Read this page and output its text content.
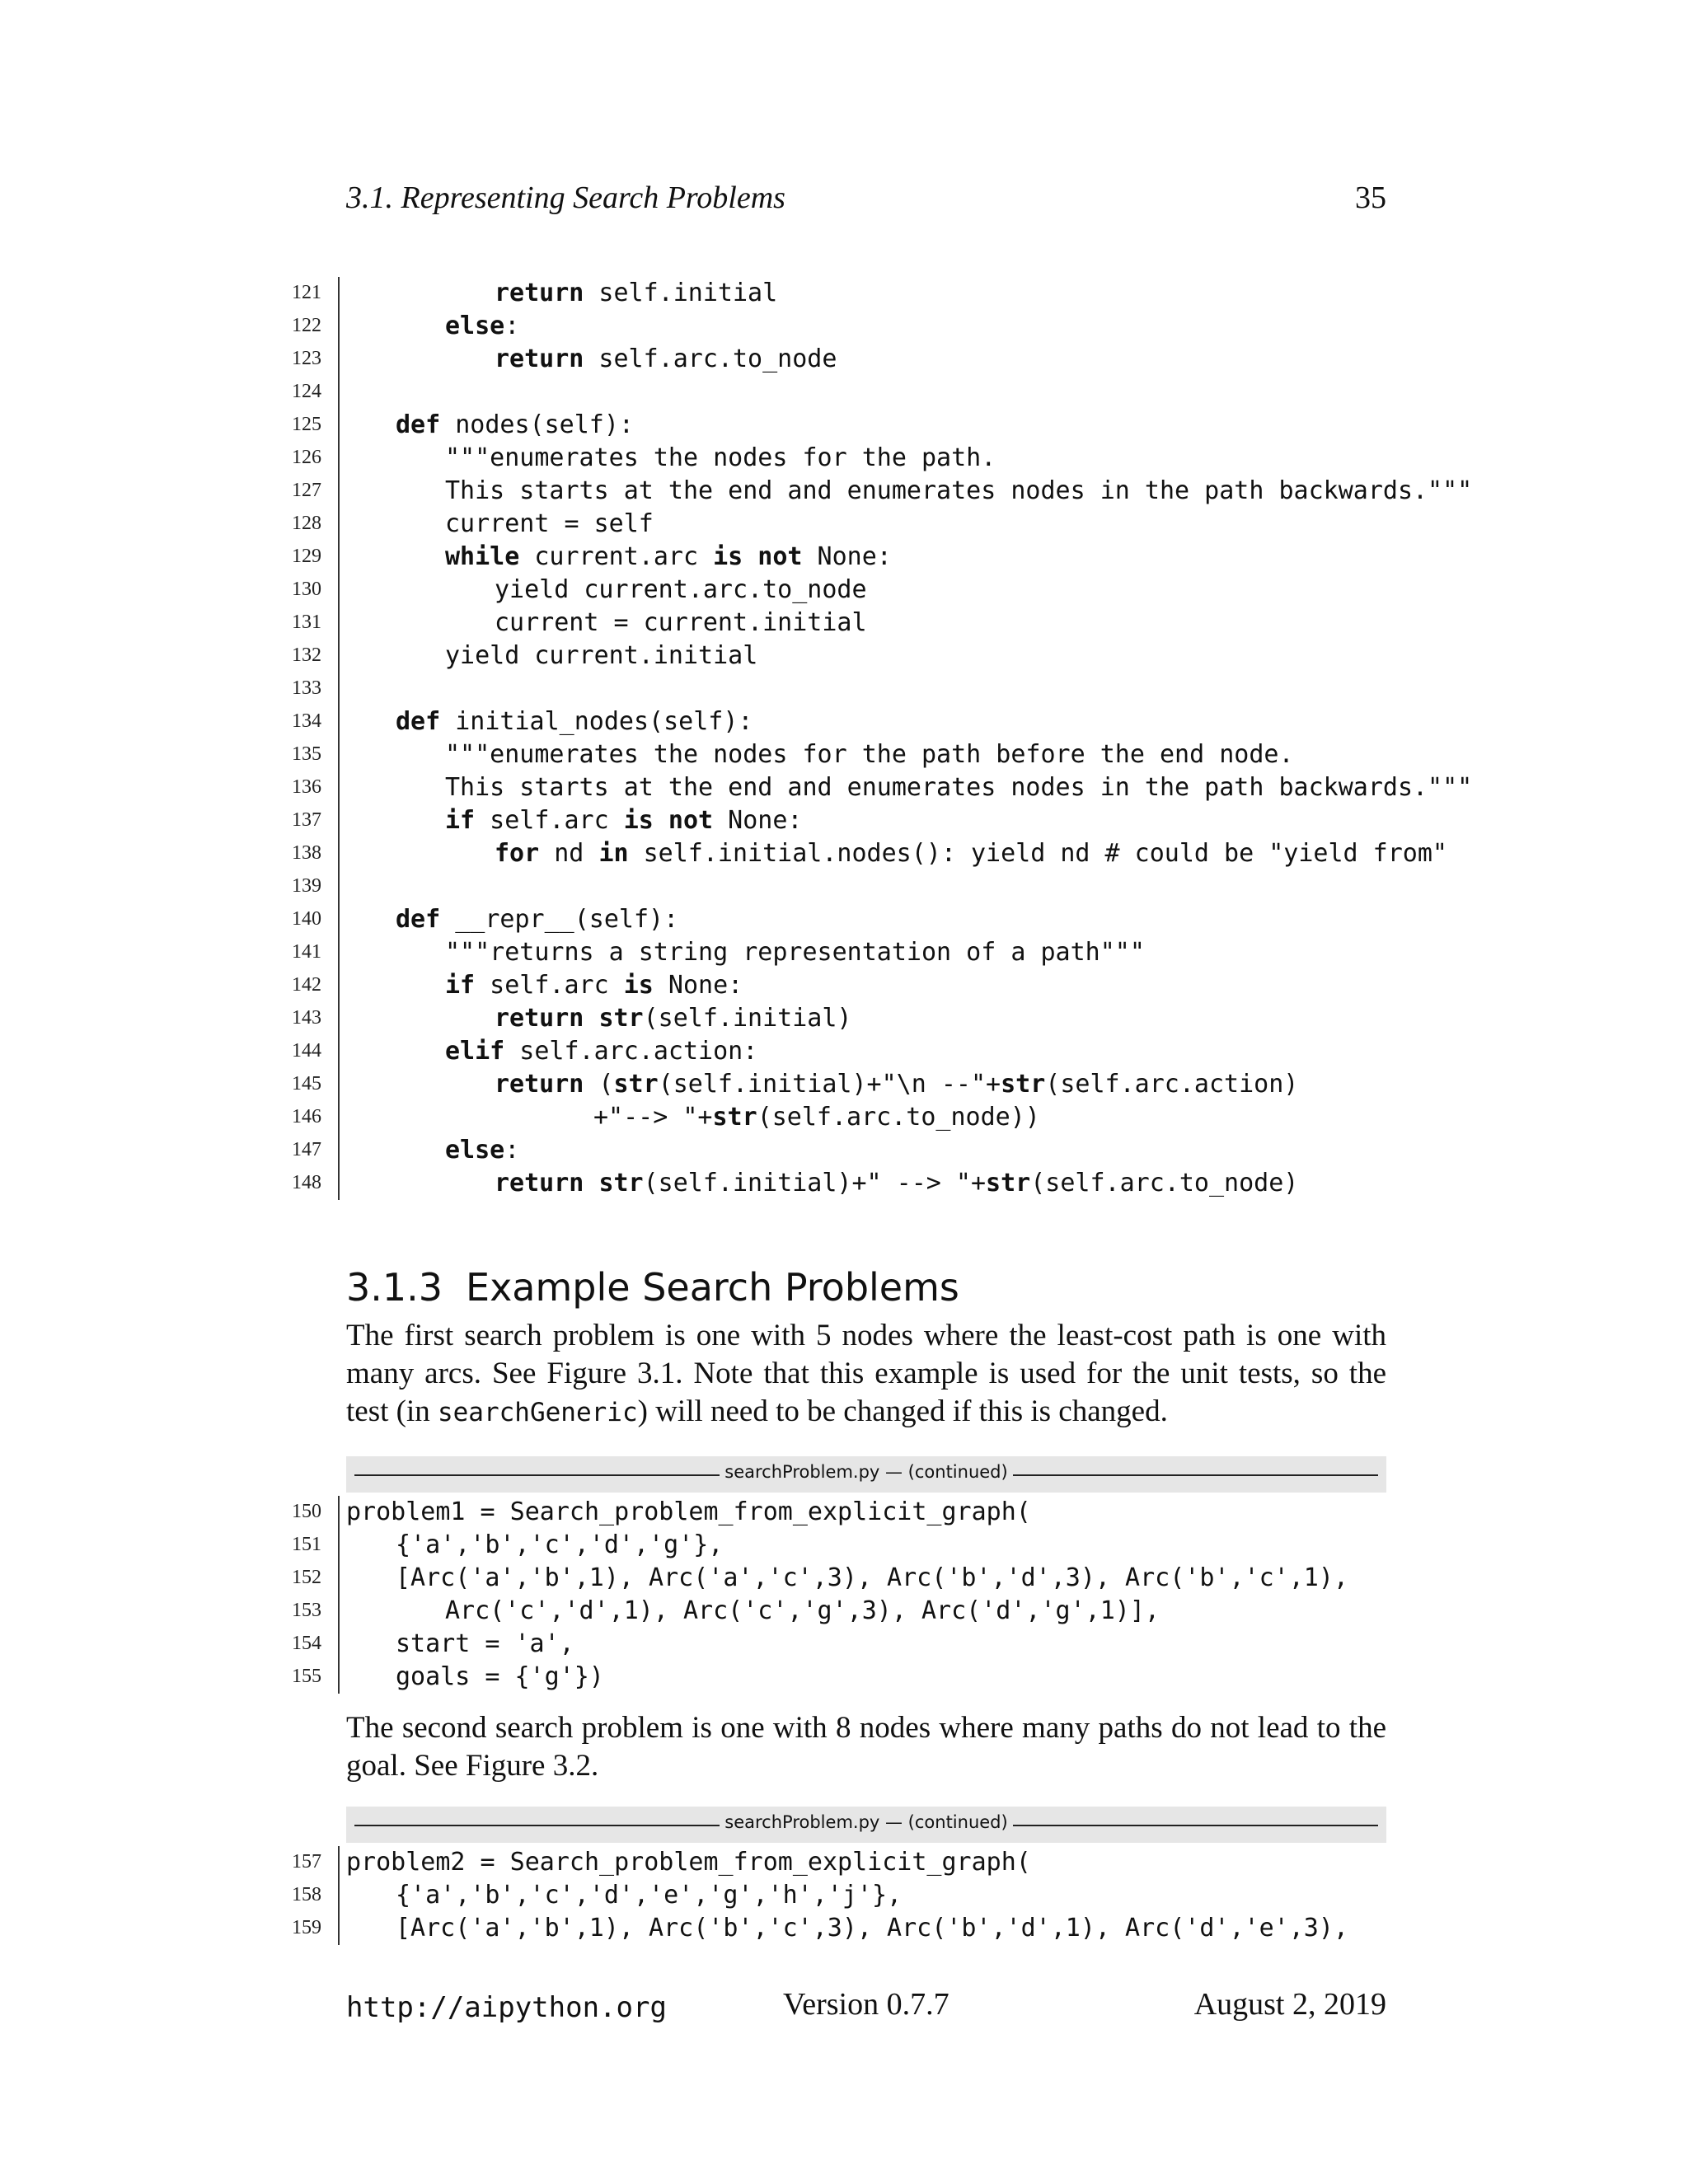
3.1. Representing Search Problems	35
121	return self.initial
122	else:
123	return self.arc.to_node
124
125	def nodes(self):
126	"""enumerates the nodes for the path.
127	This starts at the end and enumerates nodes in the path backwards."""
128	current = self
129	while current.arc is not None:
130	yield current.arc.to_node
131	current = current.initial
132	yield current.initial
133
134	def initial_nodes(self):
135	"""enumerates the nodes for the path before the end node.
136	This starts at the end and enumerates nodes in the path backwards."""
137	if self.arc is not None:
138	for nd in self.initial.nodes(): yield nd # could be "yield from"
139
140	def __repr__(self):
141	"""returns a string representation of a path"""
142	if self.arc is None:
143	return str(self.initial)
144	elif self.arc.action:
145	return (str(self.initial)+"\n --"+str(self.arc.action)
146	+"--> "+str(self.arc.to_node))
147	else:
148	return str(self.initial)+" --> "+str(self.arc.to_node)
3.1.3 Example Search Problems
The first search problem is one with 5 nodes where the least-cost path is one with many arcs. See Figure 3.1. Note that this example is used for the unit tests, so the test (in searchGeneric) will need to be changed if this is changed.
searchProblem.py — (continued)
150 problem1 = Search_problem_from_explicit_graph(
151	{'a','b','c','d','g'},
152	[Arc('a','b',1), Arc('a','c',3), Arc('b','d',3), Arc('b','c',1),
153	Arc('c','d',1), Arc('c','g',3), Arc('d','g',1)],
154	start = 'a',
155	goals = {'g'})
The second search problem is one with 8 nodes where many paths do not lead to the goal. See Figure 3.2.
searchProblem.py — (continued)
157 problem2 = Search_problem_from_explicit_graph(
158	{'a','b','c','d','e','g','h','j'},
159	[Arc('a','b',1), Arc('b','c',3), Arc('b','d',1), Arc('d','e',3),
http://aipython.org	Version 0.7.7	August 2, 2019
